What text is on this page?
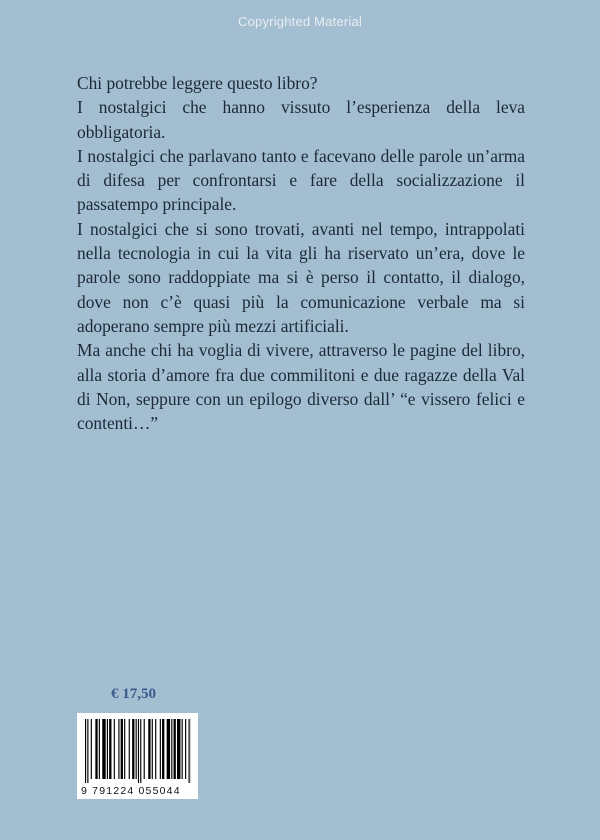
Copyrighted Material

Chi potrebbe leggere questo libro?

I nostalgici che hanno vissuto l’esperienza della leva obbligatoria.

I nostalgici che parlavano tanto e facevano delle parole un’arma di difesa per confrontarsi e fare della socializzazione il passatempo principale.

I nostalgici che si sono trovati, avanti nel tempo, intrappolati nella tecnologia in cui la vita gli ha riservato un’era, dove le parole sono raddoppiate ma si è perso il contatto, il dialogo, dove non c’è quasi più la comunicazione verbale ma si adoperano sempre più mezzi artificiali.

Ma anche chi ha voglia di vivere, attraverso le pagine del libro, alla storia d’amore fra due commilitoni e due ragazze della Val di Non, seppure con un epilogo diverso dall’ “e vissero felici e contenti…”

€ 17,50
9 791224 055044
